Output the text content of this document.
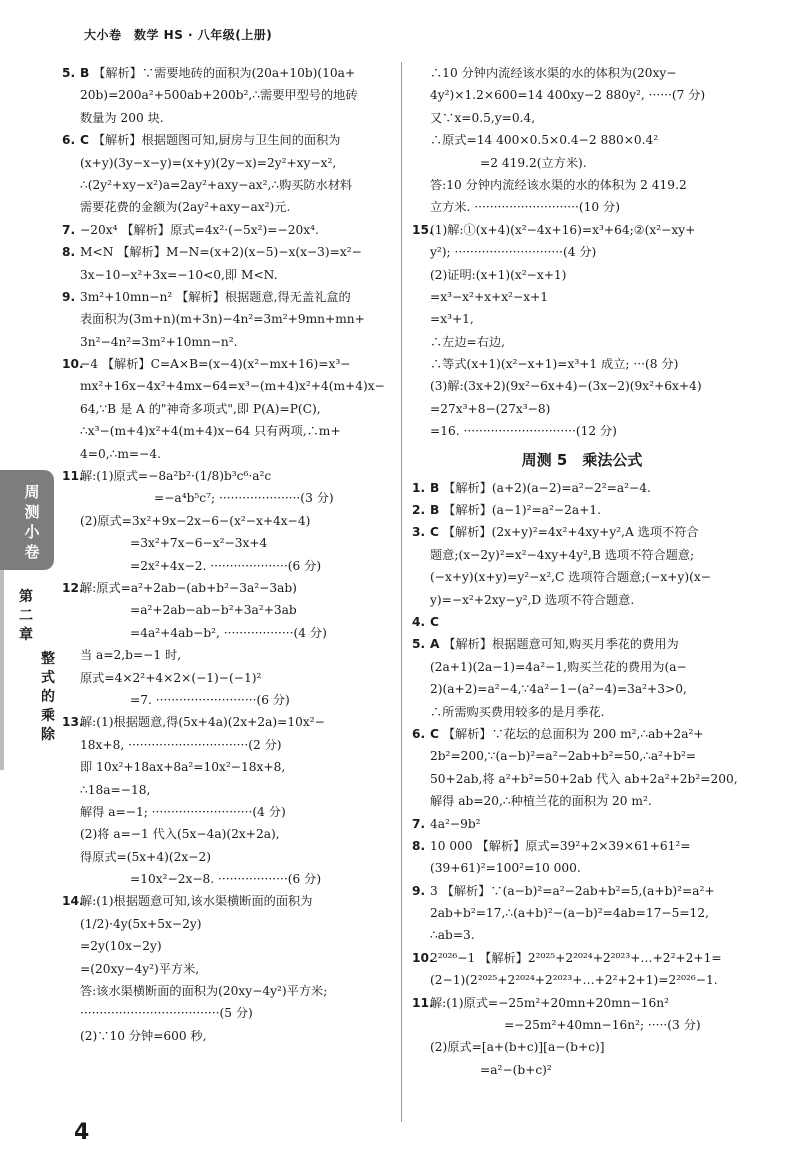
大小卷　数学 HS · 八年级(上册)
周测小卷
第二章
整式的乘除
5. B 【解析】∵需要地砖的面积为(20a+10b)(10a+
20b)=200a²+500ab+200b²,∴需要甲型号的地砖
数量为 200 块.
6. C 【解析】根据题图可知,厨房与卫生间的面积为
(x+y)(3y−x−y)=(x+y)(2y−x)=2y²+xy−x²,
∴(2y²+xy−x²)a=2ay²+axy−ax²,∴购买防水材料
需要花费的金额为(2ay²+axy−ax²)元.
7. −20x⁴ 【解析】原式=4x²·(−5x²)=−20x⁴.
8. M<N 【解析】M−N=(x+2)(x−5)−x(x−3)=x²−
3x−10−x²+3x=−10<0,即 M<N.
9. 3m²+10mn−n² 【解析】根据题意,得无盖礼盒的
表面积为(3m+n)(m+3n)−4n²=3m²+9mn+mn+
3n²−4n²=3m²+10mn−n².
10.−4 【解析】C=A×B=(x−4)(x²−mx+16)=x³−
mx²+16x−4x²+4mx−64=x³−(m+4)x²+4(m+4)x−
64,∵B 是 A 的"神奇多项式",即 P(A)=P(C),
∴x³−(m+4)x²+4(m+4)x−64 只有两项,∴m+
4=0,∴m=−4.
11.解:(1)原式=−8a²b²·(1/8)b³c⁶·a²c
=−a⁴b⁵c⁷; ·····················(3 分)
(2)原式=3x²+9x−2x−6−(x²−x+4x−4)
=3x²+7x−6−x²−3x+4
=2x²+4x−2. ····················(6 分)
12.解:原式=a²+2ab−(ab+b²−3a²−3ab)
=a²+2ab−ab−b²+3a²+3ab
=4a²+4ab−b², ··················(4 分)
当 a=2,b=−1 时,
原式=4×2²+4×2×(−1)−(−1)²
=7. ··························(6 分)
13.解:(1)根据题意,得(5x+4a)(2x+2a)=10x²−
18x+8, ·······························(2 分)
即 10x²+18ax+8a²=10x²−18x+8,
∴18a=−18,
解得 a=−1; ··························(4 分)
(2)将 a=−1 代入(5x−4a)(2x+2a),
得原式=(5x+4)(2x−2)
=10x²−2x−8. ··················(6 分)
14.解:(1)根据题意可知,该水渠横断面的面积为
(1/2)·4y(5x+5x−2y)
=2y(10x−2y)
=(20xy−4y²)平方米,
答:该水渠横断面的面积为(20xy−4y²)平方米;
····································(5 分)
(2)∵10 分钟=600 秒,
∴10 分钟内流经该水渠的水的体积为(20xy−
4y²)×1.2×600=14 400xy−2 880y², ······(7 分)
又∵x=0.5,y=0.4,
∴原式=14 400×0.5×0.4−2 880×0.4²
=2 419.2(立方米).
答:10 分钟内流经该水渠的水的体积为 2 419.2
立方米. ···························(10 分)
15.(1)解:①(x+4)(x²−4x+16)=x³+64;②(x²−xy+
y²); ····························(4 分)
(2)证明:(x+1)(x²−x+1)
=x³−x²+x+x²−x+1
=x³+1,
∴左边=右边,
∴等式(x+1)(x²−x+1)=x³+1 成立; ···(8 分)
(3)解:(3x+2)(9x²−6x+4)−(3x−2)(9x²+6x+4)
=27x³+8−(27x³−8)
=16. ·····························(12 分)
周测 5　乘法公式
1. B 【解析】(a+2)(a−2)=a²−2²=a²−4.
2. B 【解析】(a−1)²=a²−2a+1.
3. C 【解析】(2x+y)²=4x²+4xy+y²,A 选项不符合
题意;(x−2y)²=x²−4xy+4y²,B 选项不符合题意;
(−x+y)(x+y)=y²−x²,C 选项符合题意;(−x+y)(x−
y)=−x²+2xy−y²,D 选项不符合题意.
4. C
5. A 【解析】根据题意可知,购买月季花的费用为
(2a+1)(2a−1)=4a²−1,购买兰花的费用为(a−
2)(a+2)=a²−4,∵4a²−1−(a²−4)=3a²+3>0,
∴所需购买费用较多的是月季花.
6. C 【解析】∵花坛的总面积为 200 m²,∴ab+2a²+
2b²=200,∵(a−b)²=a²−2ab+b²=50,∴a²+b²=
50+2ab,将 a²+b²=50+2ab 代入 ab+2a²+2b²=200,
解得 ab=20,∴种植兰花的面积为 20 m².
7. 4a²−9b²
8. 10 000 【解析】原式=39²+2×39×61+61²=
(39+61)²=100²=10 000.
9. 3 【解析】∵(a−b)²=a²−2ab+b²=5,(a+b)²=a²+
2ab+b²=17,∴(a+b)²−(a−b)²=4ab=17−5=12,
∴ab=3.
10.2²⁰²⁶−1 【解析】2²⁰²⁵+2²⁰²⁴+2²⁰²³+…+2²+2+1=
(2−1)(2²⁰²⁵+2²⁰²⁴+2²⁰²³+…+2²+2+1)=2²⁰²⁶−1.
11.解:(1)原式=−25m²+20mn+20mn−16n²
=−25m²+40mn−16n²; ·····(3 分)
(2)原式=[a+(b+c)][a−(b+c)]
=a²−(b+c)²
4
